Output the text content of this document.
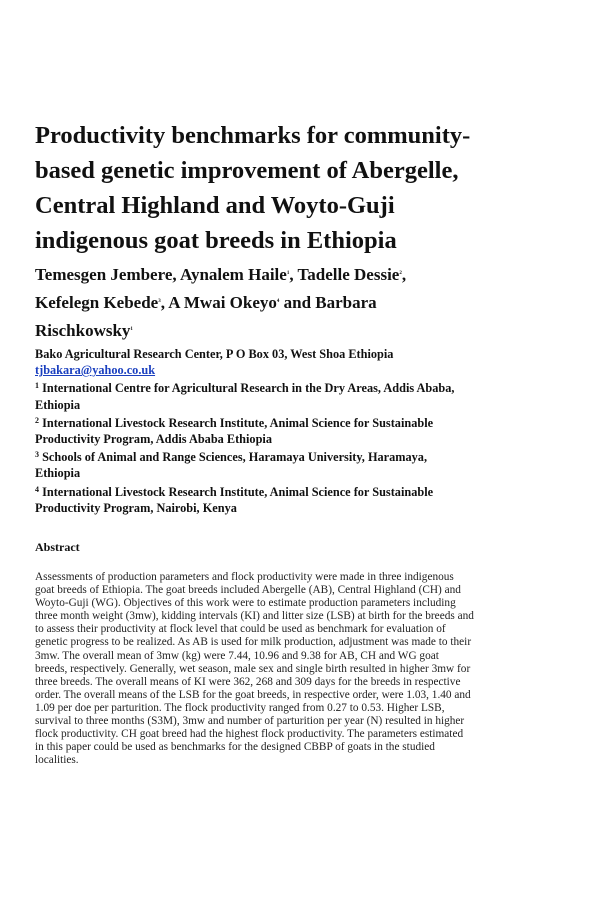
Productivity benchmarks for community-
based genetic improvement of Abergelle,
Central Highland and Woyto-Guji
indigenous goat breeds in Ethiopia

Temesgen Jembere, Aynalem Haile$^1$, Tadelle Dessie$^2$,
Kefelegn Kebede$^3$, A Mwai Okeyo$^4$ and Barbara
Rischkowsky$^1$

Bako Agricultural Research Center, P O Box 03, West Shoa Ethiopia

tjbakara@yahoo.co.uk

$^1$ International Centre for Agricultural Research in the Dry Areas, Addis Ababa,
Ethiopia

$^2$ International Livestock Research Institute, Animal Science for Sustainable
Productivity Program, Addis Ababa Ethiopia

$^3$ Schools of Animal and Range Sciences, Haramaya University, Haramaya,
Ethiopia

$^4$ International Livestock Research Institute, Animal Science for Sustainable
Productivity Program, Nairobi, Kenya

Abstract

Assessments of production parameters and flock productivity were made in three indigenous
goat breeds of Ethiopia. The goat breeds included Abergelle (AB), Central Highland (CH) and
Woyto-Guji (WG). Objectives of this work were to estimate production parameters including
three month weight (3mw), kidding intervals (KI) and litter size (LSB) at birth for the breeds and
to assess their productivity at flock level that could be used as benchmark for evaluation of
genetic progress to be realized. As AB is used for milk production, adjustment was made to their
3mw. The overall mean of 3mw (kg) were 7.44, 10.96 and 9.38 for AB, CH and WG goat
breeds, respectively. Generally, wet season, male sex and single birth resulted in higher 3mw for
three breeds. The overall means of KI were 362, 268 and 309 days for the breeds in respective
order. The overall means of the LSB for the goat breeds, in respective order, were 1.03, 1.40 and
1.09 per doe per parturition. The flock productivity ranged from 0.27 to 0.53. Higher LSB,
survival to three months (S3M), 3mw and number of parturition per year (N) resulted in higher
flock productivity. CH goat breed had the highest flock productivity. The parameters estimated
in this paper could be used as benchmarks for the designed CBBP of goats in the studied
localities.
